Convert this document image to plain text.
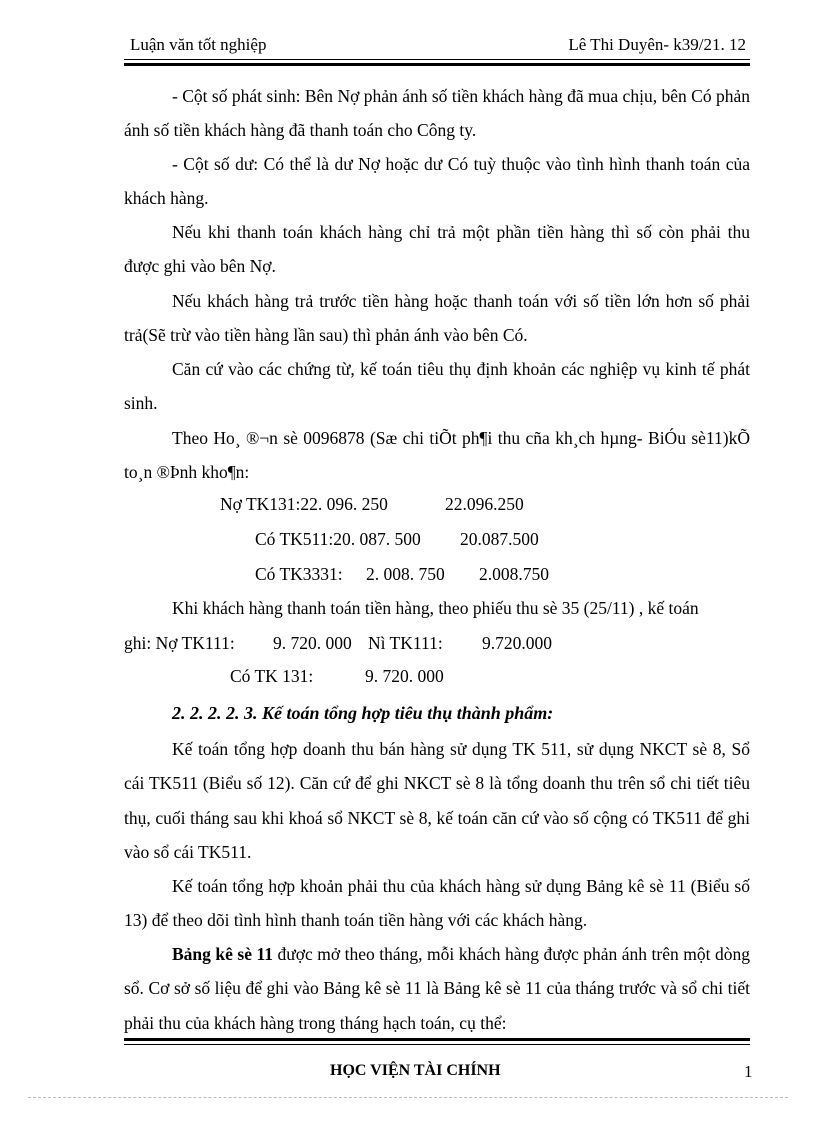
Luận văn tốt nghiệp	Lê Thi Duyên- k39/21. 12
- Cột số phát sinh: Bên Nợ phản ánh số tiền khách hàng đã mua chịu, bên Có phản ánh số tiền khách hàng đã thanh toán cho Công ty.
- Cột số dư: Có thể là dư Nợ hoặc dư Có tuỳ thuộc vào tình hình thanh toán của khách hàng.
Nếu khi thanh toán khách hàng chỉ trả một phần tiền hàng thì số còn phải thu được ghi vào bên Nợ.
Nếu khách hàng trả trước tiền hàng hoặc thanh toán với số tiền lớn hơn số phải trả(Sẽ trừ vào tiền hàng lần sau) thì phản ánh vào bên Có.
Căn cứ vào các chứng từ, kế toán tiêu thụ định khoản các nghiệp vụ kinh tế phát sinh.
Theo Ho¸ ®¬n sè 0096878 (Sæ chi tiÕt ph¶i thu cña kh¸ch hµng- BiÓu sè11)kÕ to¸n ®Þnh kho¶n:
Nợ TK131:22. 096. 250	22.096.250
Có TK511:20. 087. 500 20.087.500
Có TK3331: 2. 008. 750 2.008.750
Khi khách hàng thanh toán tiền hàng, theo phiếu thu sè 35 (25/11) , kế toán
ghi: Nợ TK111: 9. 720. 000 Nì TK111: 9.720.000
Có TK 131:	9. 720. 000
2. 2. 2. 2. 3. Kế toán tổng hợp tiêu thụ thành phẩm:
Kế toán tổng hợp doanh thu bán hàng sử dụng TK 511, sử dụng NKCT sè 8, Sổ cái TK511 (Biểu số 12). Căn cứ để ghi NKCT sè 8 là tổng doanh thu trên sổ chi tiết tiêu thụ, cuối tháng sau khi khoá sổ NKCT sè 8, kế toán căn cứ vào số cộng có TK511 để ghi vào sổ cái TK511.
Kế toán tổng hợp khoản phải thu của khách hàng sử dụng Bảng kê sè 11 (Biểu số 13) để theo dõi tình hình thanh toán tiền hàng với các khách hàng.
Bảng kê sè 11 được mở theo tháng, mỗi khách hàng được phản ánh trên một dòng sổ. Cơ sở số liệu để ghi vào Bảng kê sè 11 là Bảng kê sè 11 của tháng trước và sổ chi tiết phải thu của khách hàng trong tháng hạch toán, cụ thể:
HỌC VIỆN TÀI CHÍNH	1
